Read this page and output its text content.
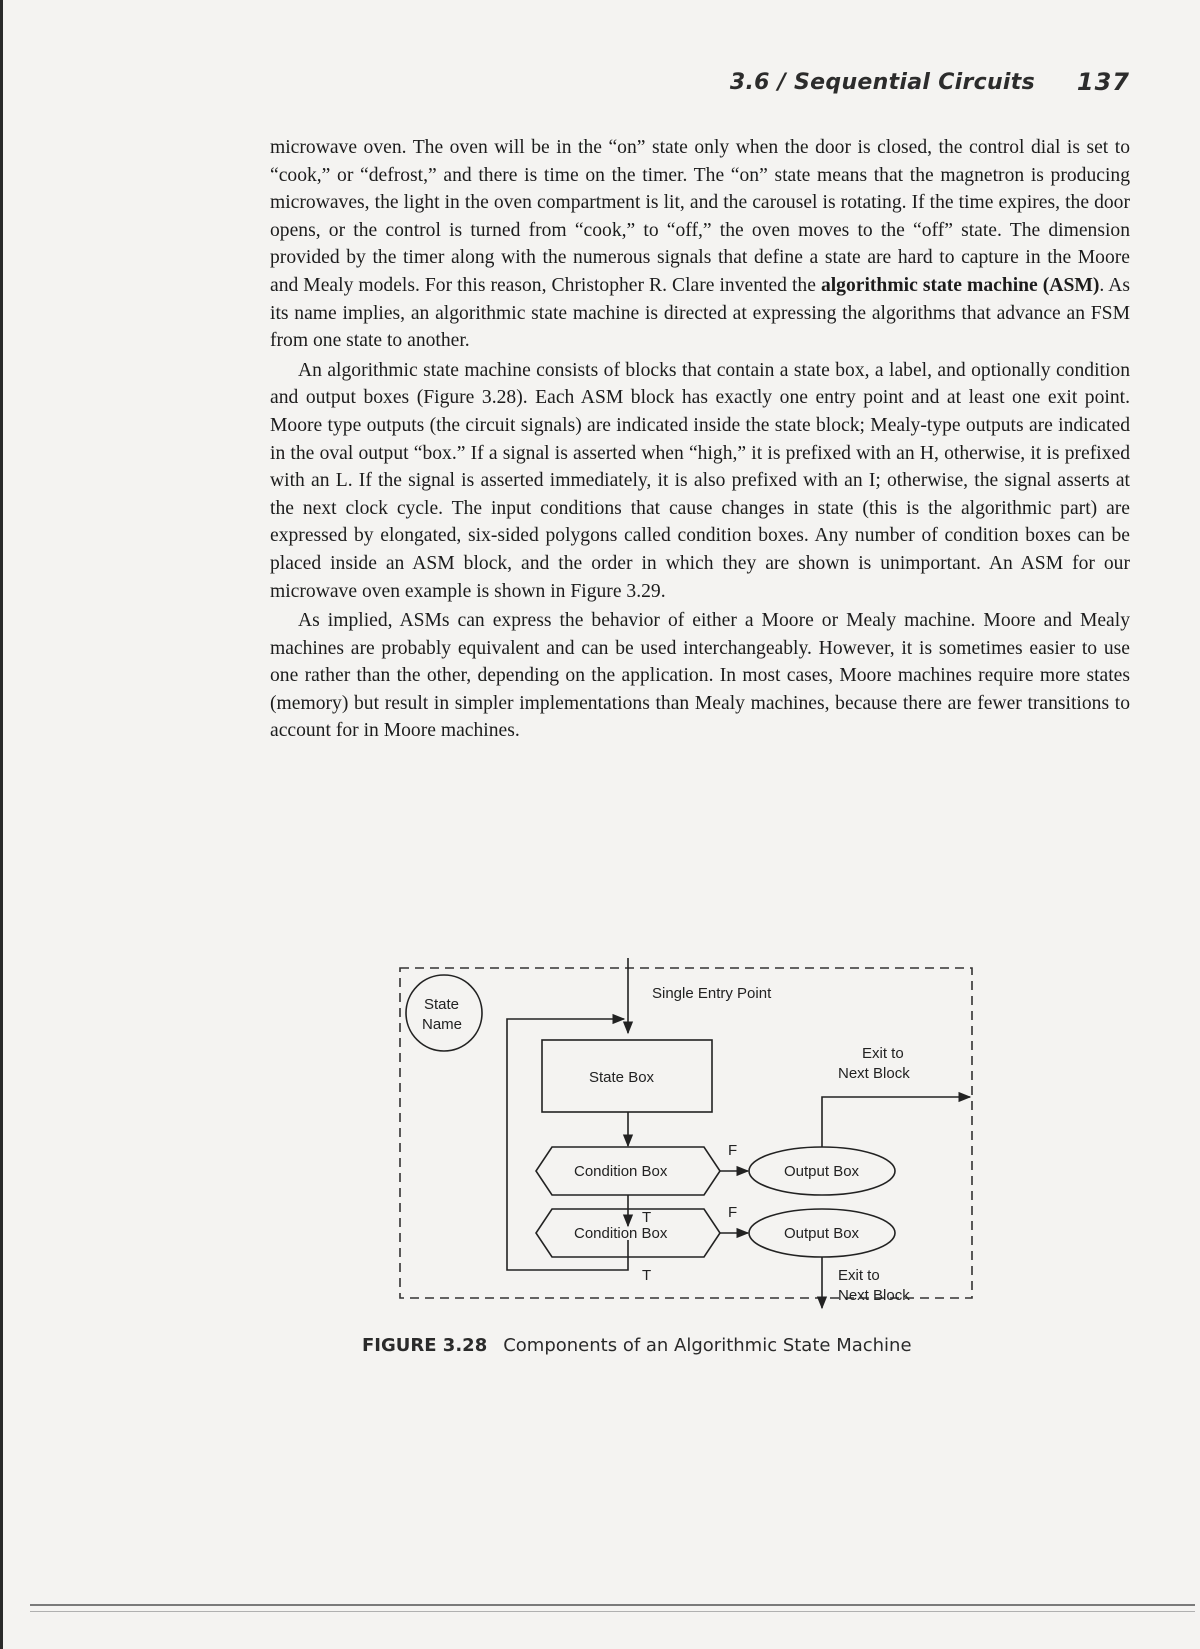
3.6 / Sequential Circuits 137

microwave oven. The oven will be in the “on” state only when the door is closed, the control dial is set to “cook,” or “defrost,” and there is time on the timer. The “on” state means that the magnetron is producing microwaves, the light in the oven compartment is lit, and the carousel is rotating. If the time expires, the door opens, or the control is turned from “cook,” to “off,” the oven moves to the “off” state. The dimension provided by the timer along with the numerous signals that define a state are hard to capture in the Moore and Mealy models. For this reason, Christopher R. Clare invented the algorithmic state machine (ASM). As its name implies, an algorithmic state machine is directed at expressing the algorithms that advance an FSM from one state to another.

An algorithmic state machine consists of blocks that contain a state box, a label, and optionally condition and output boxes (Figure 3.28). Each ASM block has exactly one entry point and at least one exit point. Moore type outputs (the circuit signals) are indicated inside the state block; Mealy-type outputs are indicated in the oval output “box.” If a signal is asserted when “high,” it is prefixed with an H, otherwise, it is prefixed with an L. If the signal is asserted immediately, it is also prefixed with an I; otherwise, the signal asserts at the next clock cycle. The input conditions that cause changes in state (this is the algorithmic part) are expressed by elongated, six-sided polygons called condition boxes. Any number of condition boxes can be placed inside an ASM block, and the order in which they are shown is unimportant. An ASM for our microwave oven example is shown in Figure 3.29.

As implied, ASMs can express the behavior of either a Moore or Mealy machine. Moore and Mealy machines are probably equivalent and can be used interchangeably. However, it is sometimes easier to use one rather than the other, depending on the application. In most cases, Moore machines require more states (memory) but result in simpler implementations than Mealy machines, because there are fewer transitions to account for in Moore machines.

State
Name
Single Entry Point
State Box
Condition Box
F
Output Box
Exit to
Next Block
T
Condition Box
F
Output Box
T	Exit to
Next Block
FIGURE 3.28 Components of an Algorithmic State Machine
